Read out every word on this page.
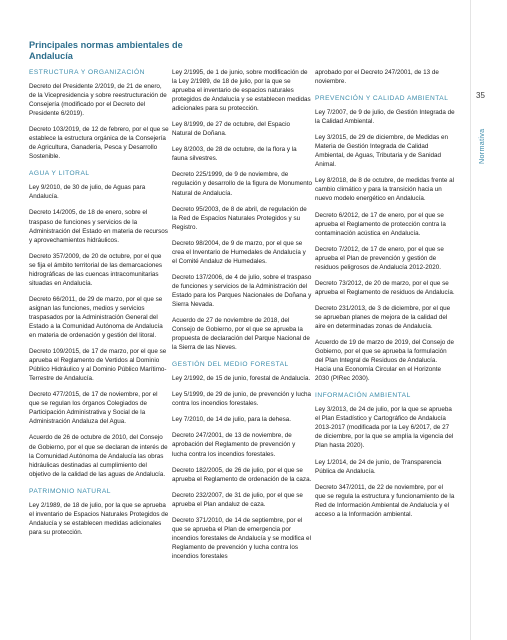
Principales normas ambientales de Andalucía
35
Normativa
ESTRUCTURA Y ORGANIZACIÓN

Decreto del Presidente 2/2019, de 21 de enero, de la Vicepresidencia y sobre reestructuración de Consejería (modificado por el Decreto del Presidente 6/2019).

Decreto 103/2019, de 12 de febrero, por el que se establece la estructura orgánica de la Consejería de Agricultura, Ganadería, Pesca y Desarrollo Sostenible.

AGUA Y LITORAL

Ley 9/2010, de 30 de julio, de Aguas para Andalucía.

Decreto 14/2005, de 18 de enero, sobre el traspaso de funciones y servicios de la Administración del Estado en materia de recursos y aprovechamientos hidráulicos.

Decreto 357/2009, de 20 de octubre, por el que se fija el ámbito territorial de las demarcaciones hidrográficas de las cuencas intracomunitarias situadas en Andalucía.

Decreto 66/2011, de 29 de marzo, por el que se asignan las funciones, medios y servicios traspasados por la Administración General del Estado a la Comunidad Autónoma de Andalucía en materia de ordenación y gestión del litoral.

Decreto 109/2015, de 17 de marzo, por el que se aprueba el Reglamento de Vertidos al Dominio Público Hidráulico y al Dominio Público Marítimo-Terrestre de Andalucía.

Decreto 477/2015, de 17 de noviembre, por el que se regulan los órganos Colegiados de Participación Administrativa y Social de la Administración Andaluza del Agua.

Acuerdo de 26 de octubre de 2010, del Consejo de Gobierno, por el que se declaran de interés de la Comunidad Autónoma de Andalucía las obras hidráulicas destinadas al cumplimiento del objetivo de la calidad de las aguas de Andalucía.

PATRIMONIO NATURAL

Ley 2/1989, de 18 de julio, por la que se aprueba el inventario de Espacios Naturales Protegidos de Andalucía y se establecen medidas adicionales para su protección.

Ley 2/1995, de 1 de junio, sobre modificación de la Ley 2/1989, de 18 de julio, por la que se aprueba el inventario de espacios naturales protegidos de Andalucía y se establecen medidas adicionales para su protección.

Ley 8/1999, de 27 de octubre, del Espacio Natural de Doñana.

Ley 8/2003, de 28 de octubre, de la flora y la fauna silvestres.

Decreto 225/1999, de 9 de noviembre, de regulación y desarrollo de la figura de Monumento Natural de Andalucía.

Decreto 95/2003, de 8 de abril, de regulación de la Red de Espacios Naturales Protegidos y su Registro.

Decreto 98/2004, de 9 de marzo, por el que se crea el Inventario de Humedales de Andalucía y el Comité Andaluz de Humedales.

Decreto 137/2006, de 4 de julio, sobre el traspaso de funciones y servicios de la Administración del Estado para los Parques Nacionales de Doñana y Sierra Nevada.

Acuerdo de 27 de noviembre de 2018, del Consejo de Gobierno, por el que se aprueba la propuesta de declaración del Parque Nacional de la Sierra de las Nieves.

GESTIÓN DEL MEDIO FORESTAL

Ley 2/1992, de 15 de junio, forestal de Andalucía.

Ley 5/1999, de 29 de junio, de prevención y lucha contra los incendios forestales.

Ley 7/2010, de 14 de julio, para la dehesa.

Decreto 247/2001, de 13 de noviembre, de aprobación del Reglamento de prevención y lucha contra los incendios forestales.

Decreto 182/2005, de 26 de julio, por el que se aprueba el Reglamento de ordenación de la caza.

Decreto 232/2007, de 31 de julio, por el que se aprueba el Plan andaluz de caza.

Decreto 371/2010, de 14 de septiembre, por el que se aprueba el Plan de emergencia por incendios forestales de Andalucía y se modifica el Reglamento de prevención y lucha contra los incendios forestales

aprobado por el Decreto 247/2001, de 13 de noviembre.

PREVENCIÓN Y CALIDAD AMBIENTAL

Ley 7/2007, de 9 de julio, de Gestión Integrada de la Calidad Ambiental.

Ley 3/2015, de 29 de diciembre, de Medidas en Materia de Gestión Integrada de Calidad Ambiental, de Aguas, Tributaria y de Sanidad Animal.

Ley 8/2018, de 8 de octubre, de medidas frente al cambio climático y para la transición hacia un nuevo modelo energético en Andalucía.

Decreto 6/2012, de 17 de enero, por el que se aprueba el Reglamento de protección contra la contaminación acústica en Andalucía.

Decreto 7/2012, de 17 de enero, por el que se aprueba el Plan de prevención y gestión de residuos peligrosos de Andalucía 2012-2020.

Decreto 73/2012, de 20 de marzo, por el que se aprueba el Reglamento de residuos de Andalucía.

Decreto 231/2013, de 3 de diciembre, por el que se aprueban planes de mejora de la calidad del aire en determinadas zonas de Andalucía.

Acuerdo de 19 de marzo de 2019, del Consejo de Gobierno, por el que se aprueba la formulación del Plan Integral de Residuos de Andalucía. Hacia una Economía Circular en el Horizonte 2030 (PIRec 2030).

INFORMACIÓN AMBIENTAL

Ley 3/2013, de 24 de julio, por la que se aprueba el Plan Estadístico y Cartográfico de Andalucía 2013-2017 (modificada por la Ley 6/2017, de 27 de diciembre, por la que se amplía la vigencia del Plan hasta 2020).

Ley 1/2014, de 24 de junio, de Transparencia Pública de Andalucía.

Decreto 347/2011, de 22 de noviembre, por el que se regula la estructura y funcionamiento de la Red de Información Ambiental de Andalucía y el acceso a la Información ambiental.
